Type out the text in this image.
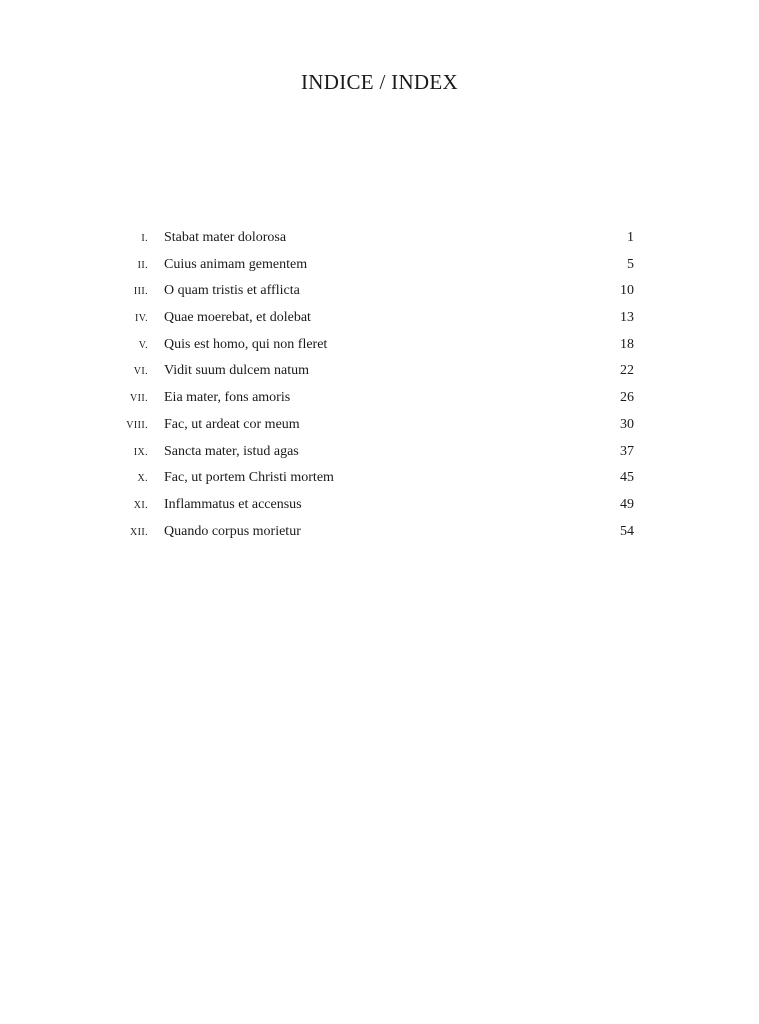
INDICE / INDEX
I. Stabat mater dolorosa	1
II. Cuius animam gementem	5
III. O quam tristis et afflicta	10
IV. Quae moerebat, et dolebat	13
V. Quis est homo, qui non fleret	18
VI. Vidit suum dulcem natum	22
VII. Eia mater, fons amoris	26
VIII. Fac, ut ardeat cor meum	30
IX. Sancta mater, istud agas	37
X. Fac, ut portem Christi mortem	45
XI. Inflammatus et accensus	49
XII. Quando corpus morietur	54
